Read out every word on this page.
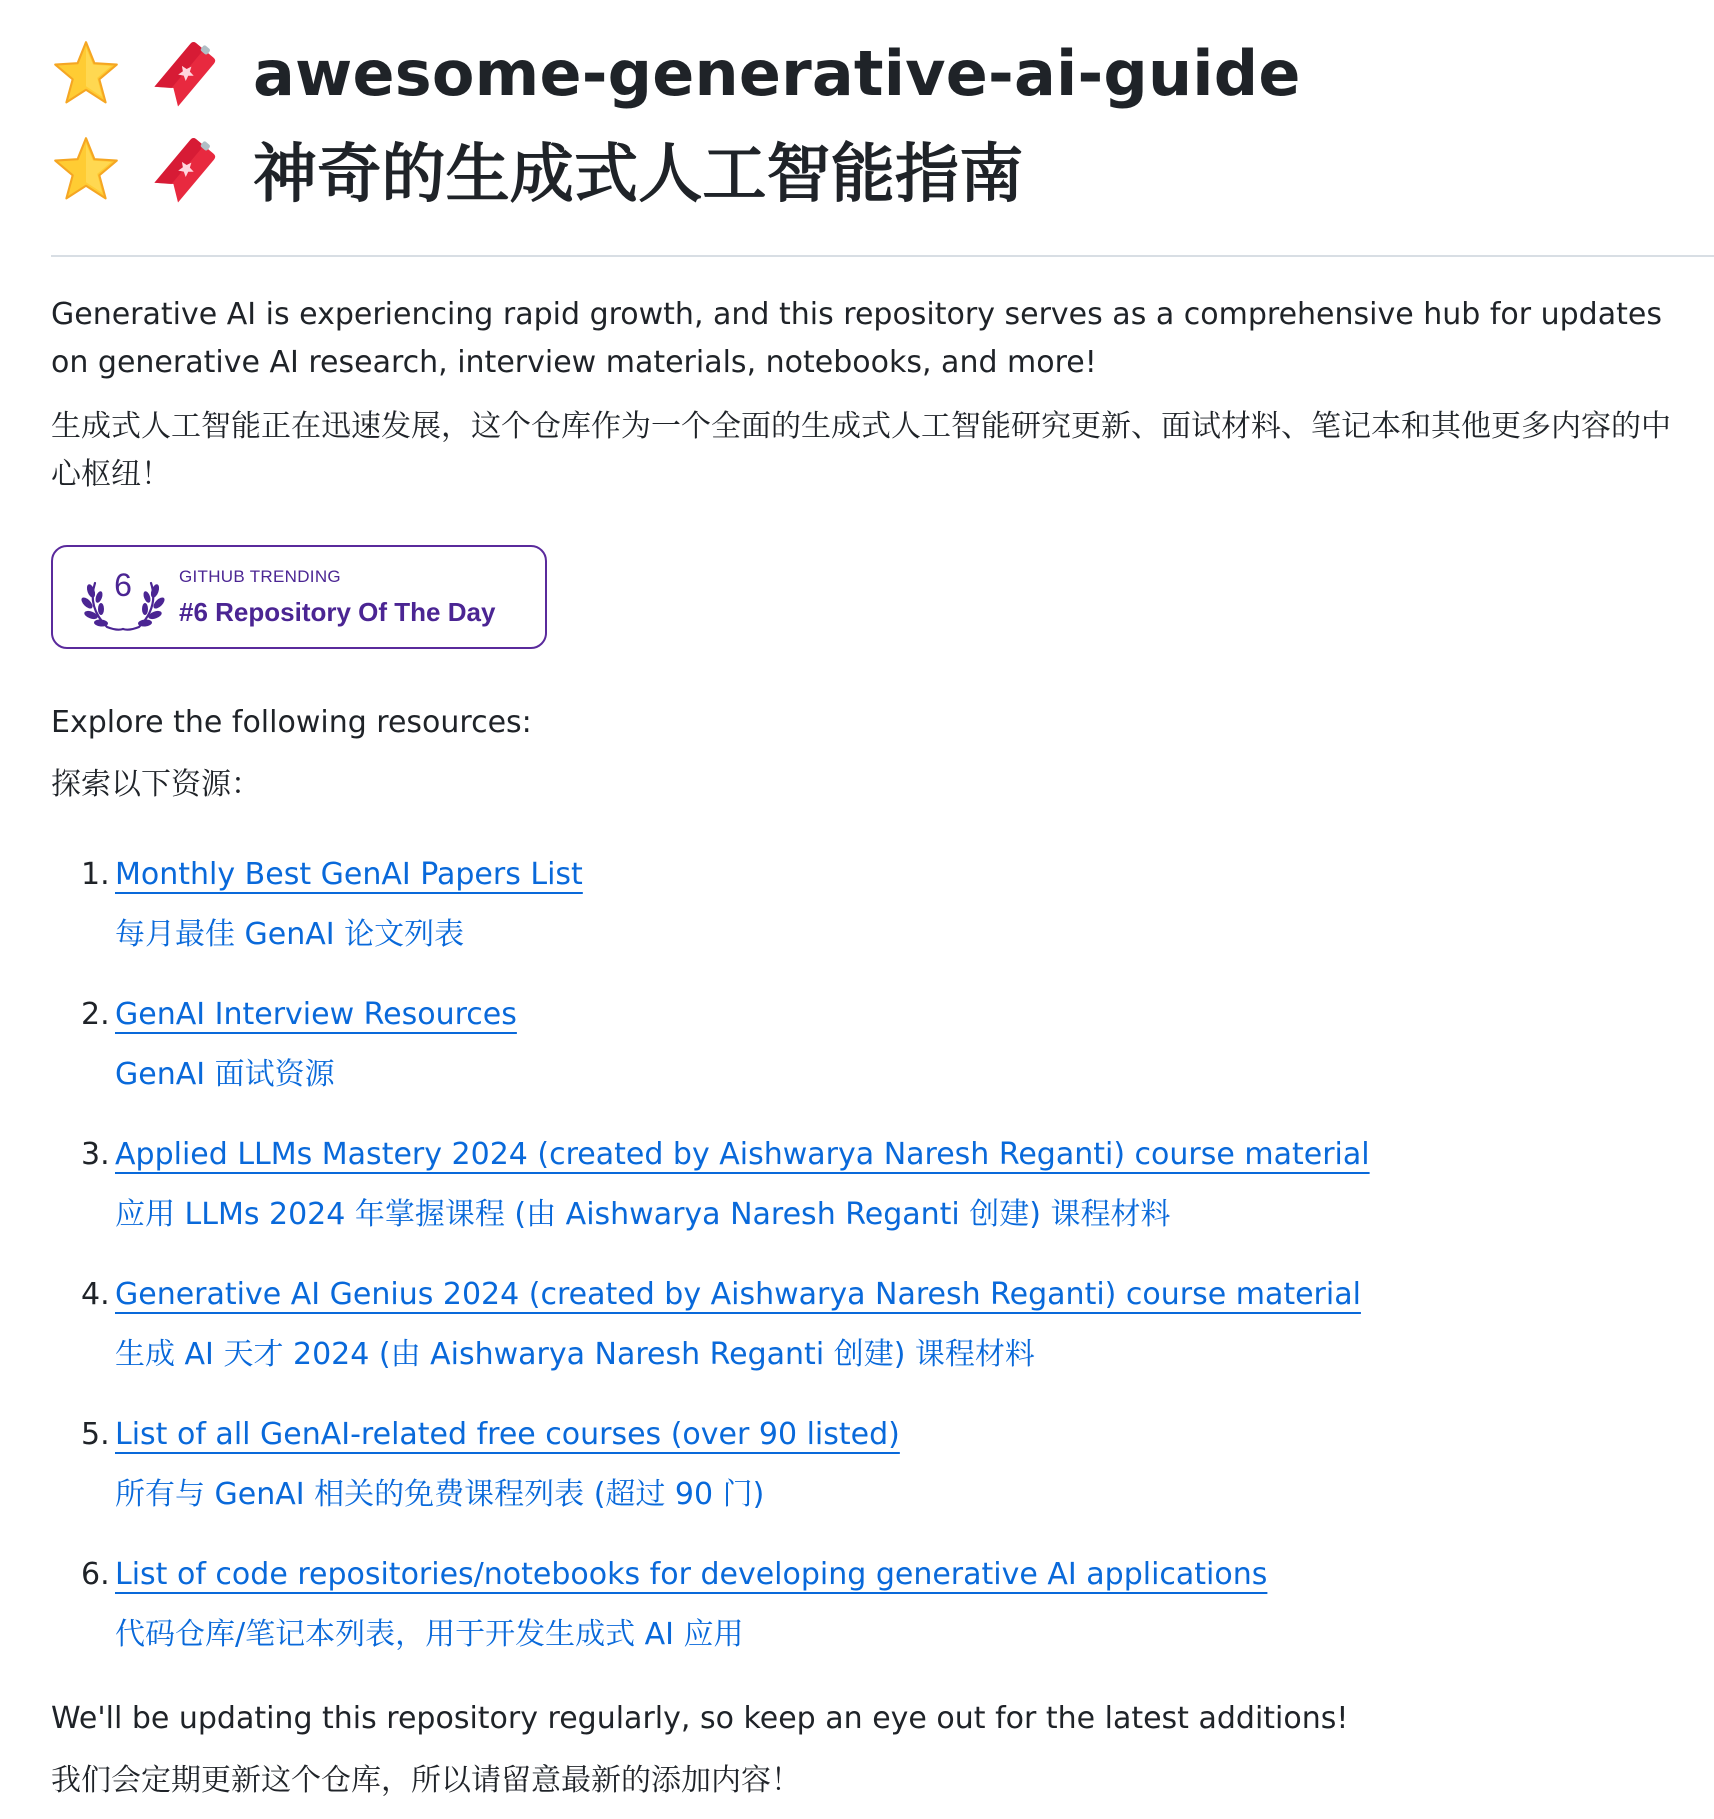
awesome-generative-ai-guide
神奇的生成式人工智能指南

Generative AI is experiencing rapid growth, and this repository serves as a comprehensive hub for updates on generative AI research, interview materials, notebooks, and more!

生成式人工智能正在迅速发展，这个仓库作为一个全面的生成式人工智能研究更新、面试材料、笔记本和其他更多内容的中心枢纽！

6	GITHUB TRENDING
#6 Repository Of The Day

Explore the following resources:

探索以下资源：

1. Monthly Best GenAI Papers List
每月最佳 GenAI 论文列表
2. GenAI Interview Resources
GenAI 面试资源
3. Applied LLMs Mastery 2024 (created by Aishwarya Naresh Reganti) course material
应用 LLMs 2024 年掌握课程 (由 Aishwarya Naresh Reganti 创建) 课程材料
4. Generative AI Genius 2024 (created by Aishwarya Naresh Reganti) course material
生成 AI 天才 2024 (由 Aishwarya Naresh Reganti 创建) 课程材料
5. List of all GenAI-related free courses (over 90 listed)
所有与 GenAI 相关的免费课程列表 (超过 90 门)
6. List of code repositories/notebooks for developing generative AI applications
代码仓库/笔记本列表，用于开发生成式 AI 应用

We'll be updating this repository regularly, so keep an eye out for the latest additions!

我们会定期更新这个仓库，所以请留意最新的添加内容！
